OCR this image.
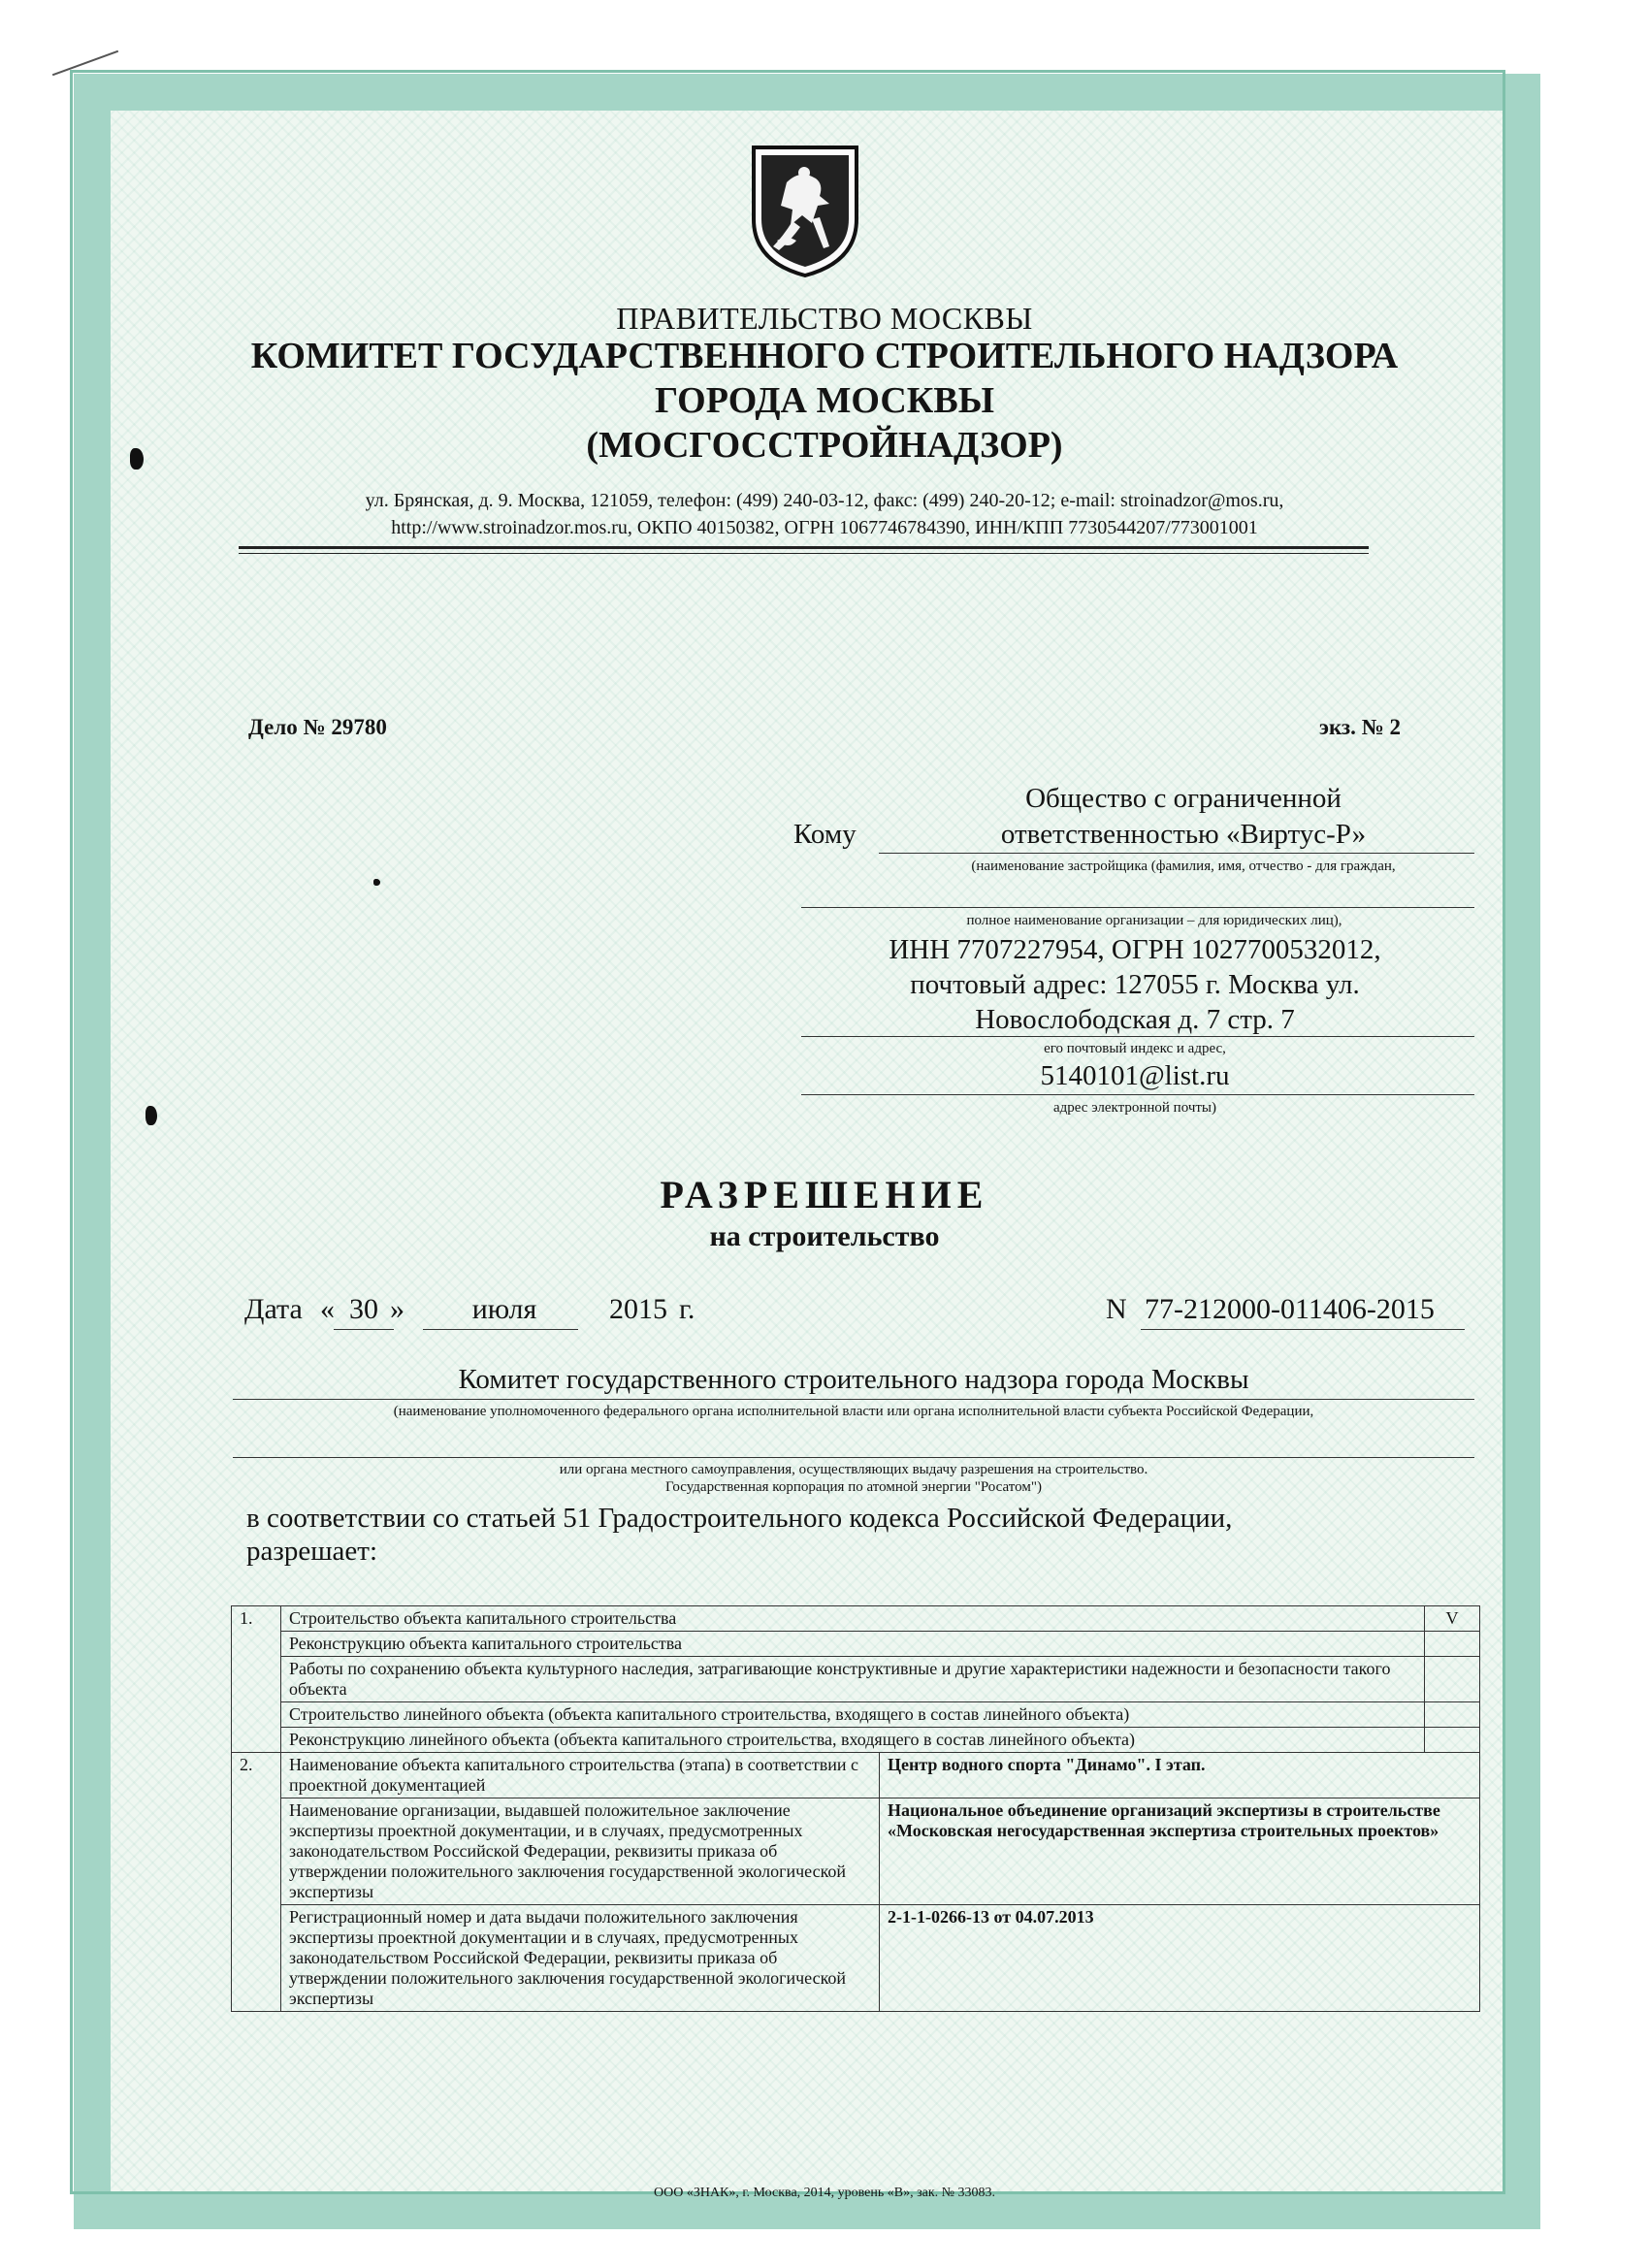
ПРАВИТЕЛЬСТВО МОСКВЫ
КОМИТЕТ ГОСУДАРСТВЕННОГО СТРОИТЕЛЬНОГО НАДЗОРА
ГОРОДА МОСКВЫ
(МОСГОССТРОЙНАДЗОР)
ул. Брянская, д. 9. Москва, 121059, телефон: (499) 240-03-12, факс: (499) 240-20-12; e-mail: stroinadzor@mos.ru,
http://www.stroinadzor.mos.ru, ОКПО 40150382, ОГРН 1067746784390, ИНН/КПП 7730544207/773001001
Дело № 29780	экз. № 2
Кому
Общество с ограниченной
ответственностью «Виртус-Р»
(наименование застройщика (фамилия, имя, отчество - для граждан,
полное наименование организации – для юридических лиц),
ИНН 7707227954, ОГРН 1027700532012,
почтовый адрес: 127055 г. Москва ул.
Новослободская д. 7 стр. 7
его почтовый индекс и адрес,
5140101@list.ru
адрес электронной почты)
РАЗРЕШЕНИЕ
на строительство
Дата « 30 »	июля	2015 г.	N 77-212000-011406-2015
Комитет государственного строительного надзора города Москвы
(наименование уполномоченного федерального органа исполнительной власти или органа исполнительной власти субъекта Российской Федерации,
или органа местного самоуправления, осуществляющих выдачу разрешения на строительство.
Государственная корпорация по атомной энергии "Росатом")
в соответствии со статьей 51 Градостроительного кодекса Российской Федерации,
разрешает:
1.	Строительство объекта капитального строительства		V
	Реконструкцию объекта капитального строительства		
	Работы по сохранению объекта культурного наследия, затрагивающие конструктивные и другие характеристики надежности и безопасности такого объекта		
	Строительство линейного объекта (объекта капитального строительства, входящего в состав линейного объекта)		
	Реконструкцию линейного объекта (объекта капитального строительства, входящего в состав линейного объекта)		
2.	Наименование объекта капитального строительства (этапа) в соответствии с проектной документацией	Центр водного спорта "Динамо". I этап.	
	Наименование организации, выдавшей положительное заключение экспертизы проектной документации, и в случаях, предусмотренных законодательством Российской Федерации, реквизиты приказа об утверждении положительного заключения государственной экологической экспертизы	Национальное объединение организаций экспертизы в строительстве «Московская негосударственная экспертиза строительных проектов»	
	Регистрационный номер и дата выдачи положительного заключения экспертизы проектной документации и в случаях, предусмотренных законодательством Российской Федерации, реквизиты приказа об утверждении положительного заключения государственной экологической экспертизы	2-1-1-0266-13 от 04.07.2013	
ООО «ЗНАК», г. Москва, 2014, уровень «В», зак. № 33083.
